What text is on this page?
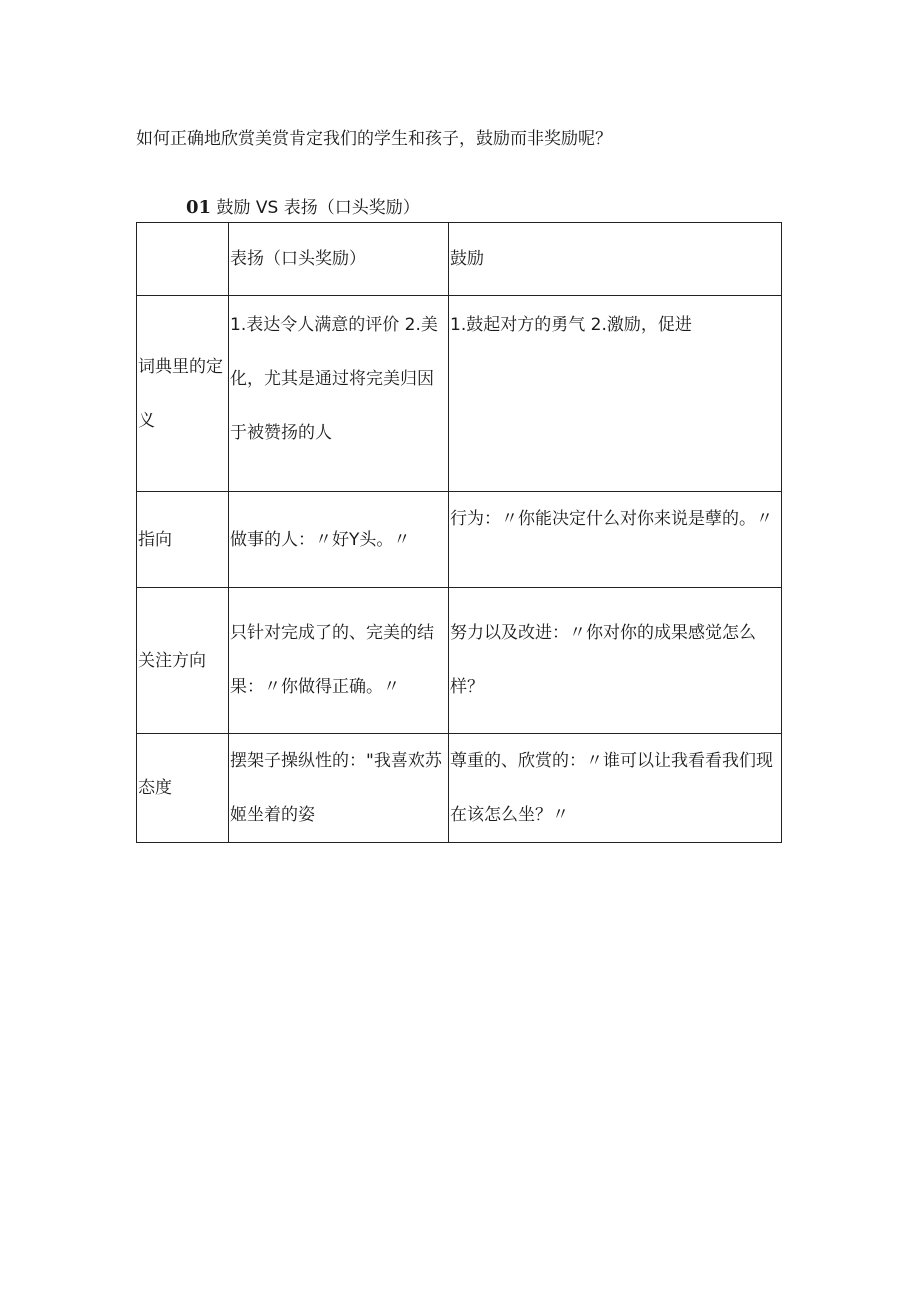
如何正确地欣赏美赏肯定我们的学生和孩子，鼓励而非奖励呢？
01 鼓励 VS 表扬（口头奖励）
	表扬（口头奖励）	鼓励
词典里的定义	1.表达令人满意的评价 2.美化，尤其是通过将完美归因于被赞扬的人	1.鼓起对方的勇气 2.激励，促进

指向	做事的人：〃好Y头。〃	行为：〃你能决定什么对你来说是孽的。〃

关注方向	只针对完成了的、完美的结果：〃你做得正确。〃	努力以及改进：〃你对你的成果感觉怎么样？

态度	摆架子操纵性的："我喜欢苏姬坐着的姿	尊重的、欣赏的：〃谁可以让我看看我们现在该怎么坐？〃
